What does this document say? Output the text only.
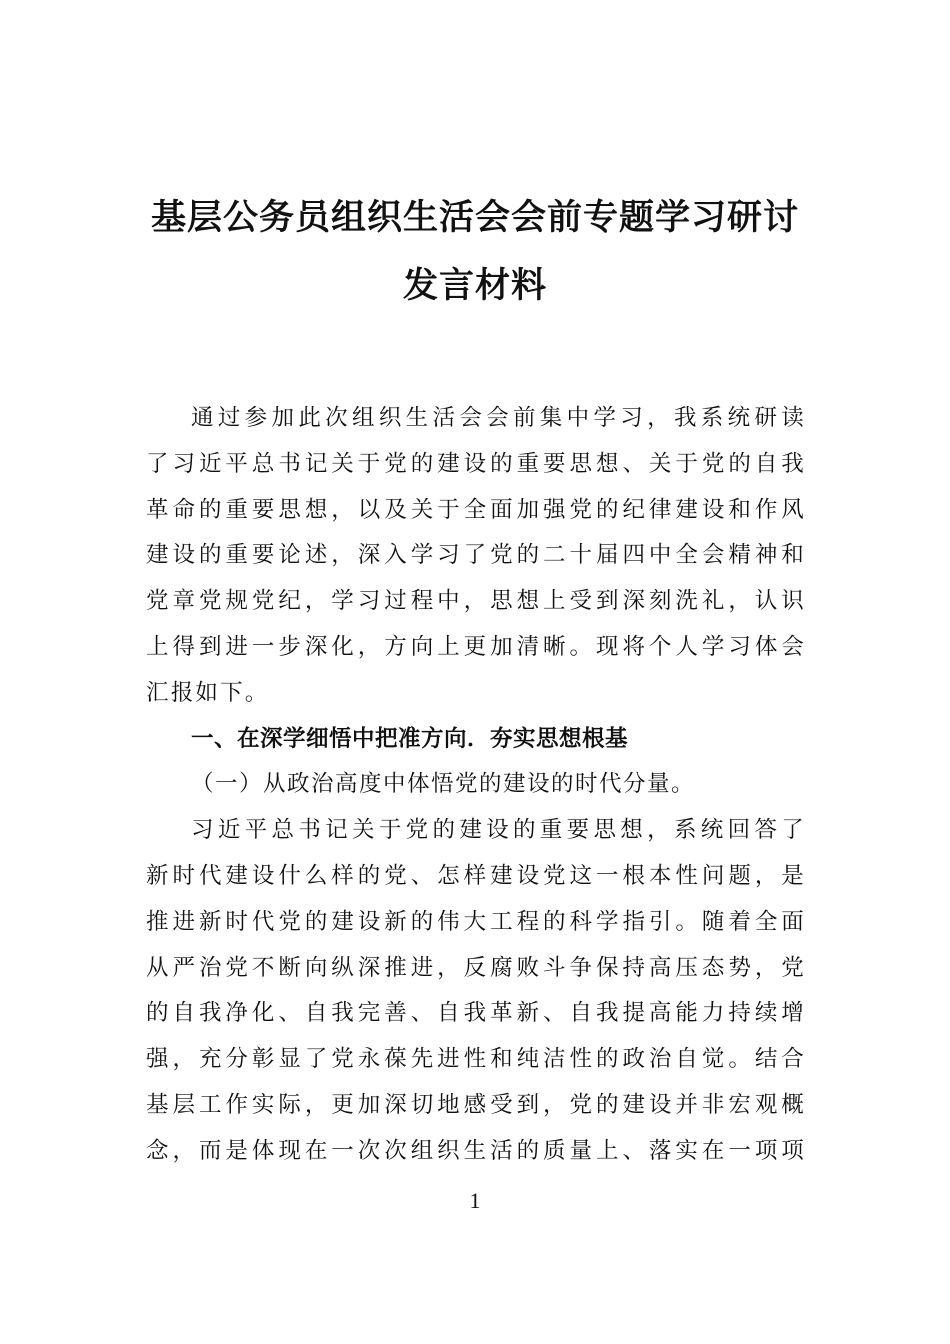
基层公务员组织生活会会前专题学习研讨
发言材料

通过参加此次组织生活会会前集中学习，我系统研读

了习近平总书记关于党的建设的重要思想、关于党的自我

革命的重要思想，以及关于全面加强党的纪律建设和作风

建设的重要论述，深入学习了党的二十届四中全会精神和

党章党规党纪，学习过程中，思想上受到深刻洗礼，认识

上得到进一步深化，方向上更加清晰。现将个人学习体会

汇报如下。

一、在深学细悟中把准方向．夯实思想根基

（一）从政治高度中体悟党的建设的时代分量。

习近平总书记关于党的建设的重要思想，系统回答了

新时代建设什么样的党、怎样建设党这一根本性问题，是

推进新时代党的建设新的伟大工程的科学指引。随着全面

从严治党不断向纵深推进，反腐败斗争保持高压态势，党

的自我净化、自我完善、自我革新、自我提高能力持续增

强，充分彰显了党永葆先进性和纯洁性的政治自觉。结合

基层工作实际，更加深切地感受到，党的建设并非宏观概

念，而是体现在一次次组织生活的质量上、落实在一项项

1
